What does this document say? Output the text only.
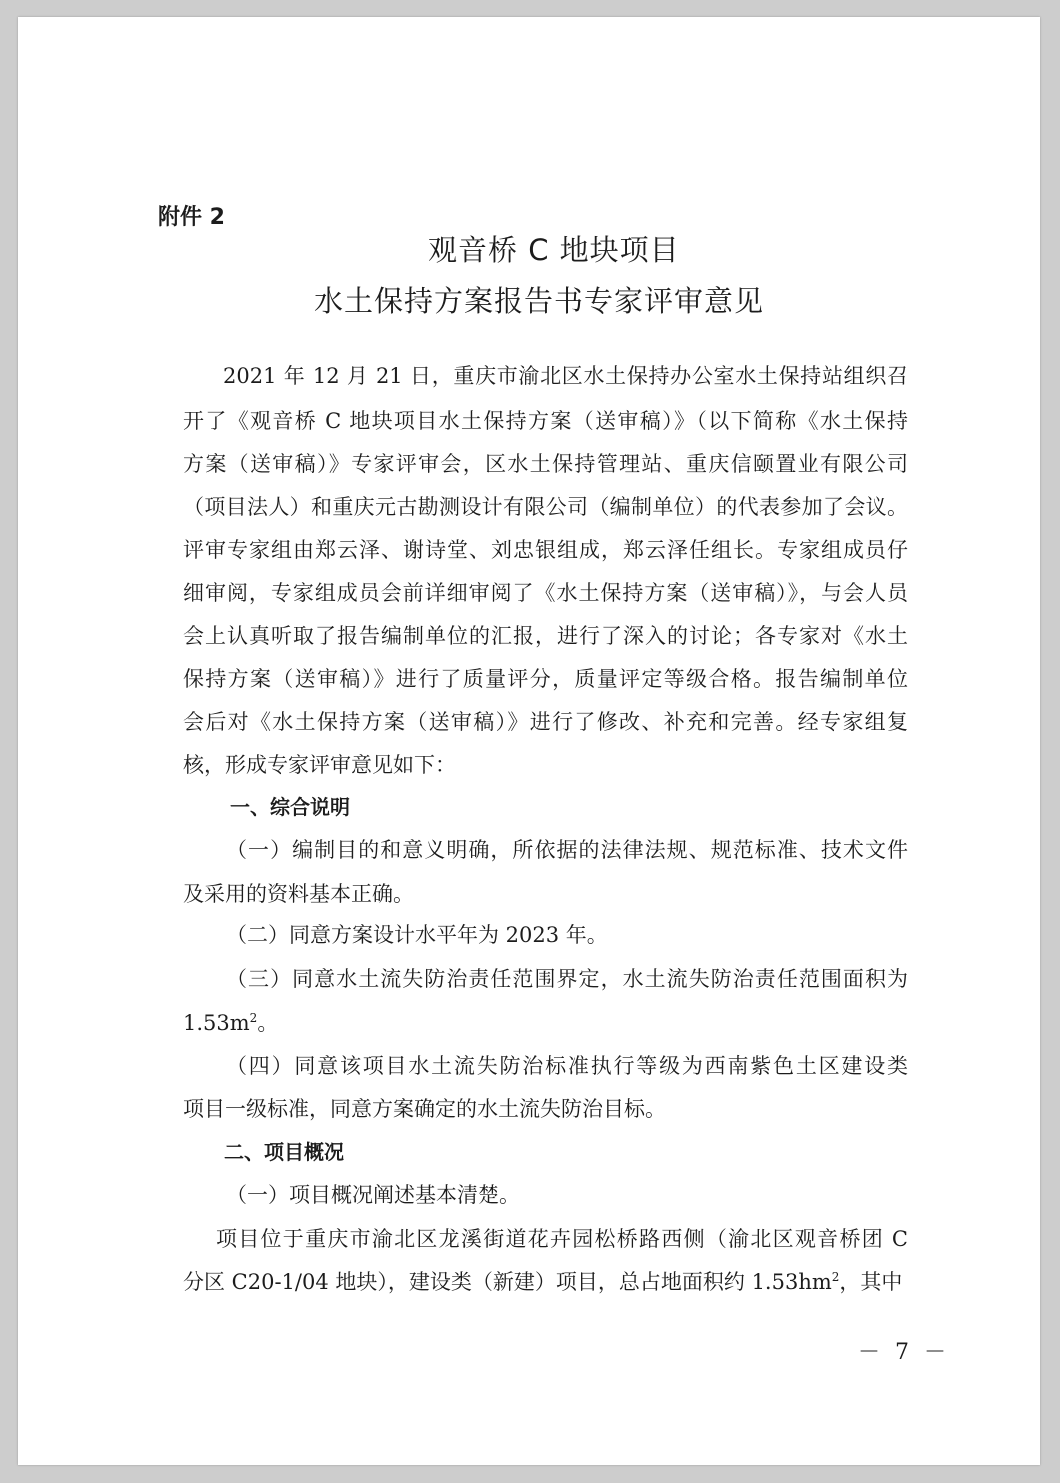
附件 2
观音桥 C 地块项目
水土保持方案报告书专家评审意见
2021 年 12 月 21 日，重庆市渝北区水土保持办公室水土保持站组织召
开了《观音桥 C 地块项目水土保持方案（送审稿）》（以下简称《水土保持
方案（送审稿）》专家评审会，区水土保持管理站、重庆信颐置业有限公司
（项目法人）和重庆元古勘测设计有限公司（编制单位）的代表参加了会议。
评审专家组由郑云泽、谢诗堂、刘忠银组成，郑云泽任组长。专家组成员仔
细审阅，专家组成员会前详细审阅了《水土保持方案（送审稿）》，与会人员
会上认真听取了报告编制单位的汇报，进行了深入的讨论；各专家对《水土
保持方案（送审稿）》进行了质量评分，质量评定等级合格。报告编制单位
会后对《水土保持方案（送审稿）》进行了修改、补充和完善。经专家组复
核，形成专家评审意见如下：
一、综合说明
（一）编制目的和意义明确，所依据的法律法规、规范标准、技术文件
及采用的资料基本正确。
（二）同意方案设计水平年为 2023 年。
（三）同意水土流失防治责任范围界定，水土流失防治责任范围面积为
$1.53m^2$。
（四）同意该项目水土流失防治标准执行等级为西南紫色土区建设类
项目一级标准，同意方案确定的水土流失防治目标。
二、项目概况
（一）项目概况阐述基本清楚。
项目位于重庆市渝北区龙溪街道花卉园松桥路西侧（渝北区观音桥团 C
分区 C20-1/04 地块），建设类（新建）项目，总占地面积约 $1.53hm^2$，其中
－ 7 －
